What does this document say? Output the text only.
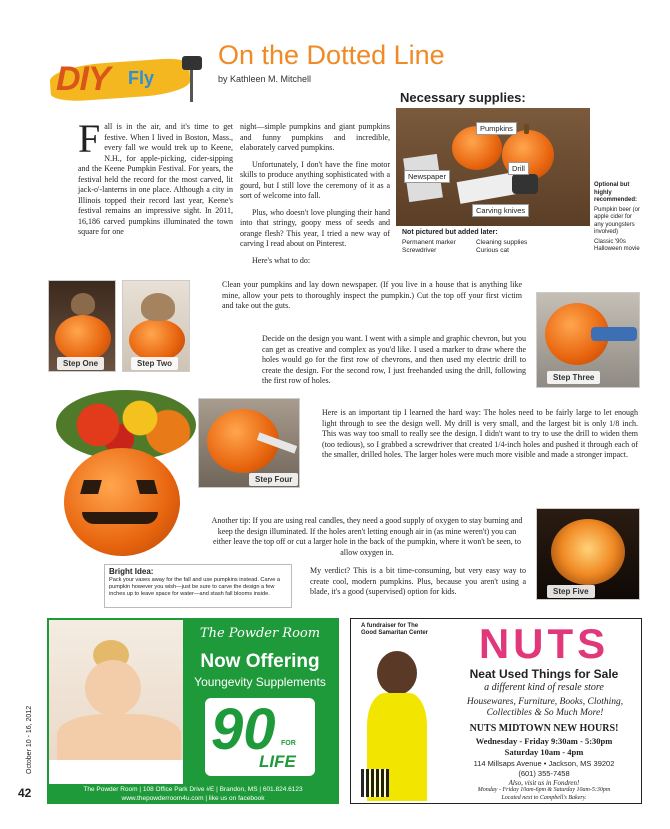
DIY Fly
On the Dotted Line
by Kathleen M. Mitchell
Necessary supplies:
Pumpkins
Newspaper
Drill
Carving knives
Optional but highly recommended:
Pumpkin beer (or apple cider for any youngsters involved)
Classic '90s Halloween movie
Not pictured but added later:
Permanent marker
Screwdriver
Cleaning supplies
Curious cat
F all is in the air, and it's time to get festive. When I lived in Boston, Mass., every fall we would trek up to Keene, N.H., for apple-picking, cider-sipping and the Keene Pumpkin Festival. For years, the festival held the record for the most carved, lit jack-o'-lanterns in one place. Although a city in Illinois topped their record last year, Keene's festival remains an impressive sight. In 2011, 16,186 carved pumpkins illuminated the town square for one

night—simple pumpkins and giant pumpkins and funny pumpkins and incredible, elaborately carved pumpkins.

Unfortunately, I don't have the fine motor skills to produce anything sophisticated with a gourd, but I still love the ceremony of it as a sort of welcome into fall.

Plus, who doesn't love plunging their hand into that stringy, goopy mess of seeds and orange flesh? This year, I tried a new way of carving I read about on Pinterest.

Here's what to do:

Step One	Step Two

Clean your pumpkins and lay down newspaper. (If you live in a house that is anything like mine, allow your pets to thoroughly inspect the pumpkin.) Cut the top off your first victim and take out the guts.

Decide on the design you want. I went with a simple and graphic chevron, but you can get as creative and complex as you'd like. I used a marker to draw where the holes would go for the first row of chevrons, and then used my electric drill to create the design. For the second row, I just freehanded using the drill, following the first row of holes.	Step Three
Step Four

Here is an important tip I learned the hard way: The holes need to be fairly large to let enough light through to see the design well. My drill is very small, and the largest bit is only 1/8 inch. This was way too small to really see the design. I didn't want to try to use the drill to widen them (too tedious), so I grabbed a screwdriver that created 1/4-inch holes and pushed it through each of the smaller, drilled holes. The larger holes were much more visible and made a stronger impact.

Another tip: If you are using real candles, they need a good supply of oxygen to stay burning and keep the design illuminated. If the holes aren't letting enough air in (as mine weren't) you can either leave the top off or cut a larger hole in the back of the pumpkin, where it won't be seen, to allow oxygen in.

My verdict? This is a bit time-consuming, but very easy way to create cool, modern pumpkins. Plus, because you aren't using a blade, it's a good (supervised) option for kids.	Step Five
Bright Idea:
Pack your vases away for the fall and use pumpkins instead. Carve a pumpkin however you wish—just be sure to carve the design a few inches up to leave space for water—and stash fall blooms inside.
The Powder Room
Now Offering
Youngevity Supplements
90 FOR
LIFE
The Powder Room | 108 Office Park Drive #E | Brandon, MS | 601.824.6123
www.thepowderroom4u.com | like us on facebook
A fundraiser for The Good Samaritan Center	NUTS
Neat Used Things for Sale
a different kind of resale store
Housewares, Furniture, Books, Clothing, Collectibles & So Much More!
NUTS MIDTOWN NEW HOURS!
Wednesday - Friday 9:30am - 5:30pm
Saturday 10am - 4pm
114 Millsaps Avenue • Jackson, MS 39202
(601) 355-7458
Also, visit us in Fondren!
Monday - Friday 10am-6pm & Saturday 10am-5:30pm
Located next to Campbell's Bakery.
42
October 10 - 16, 2012
